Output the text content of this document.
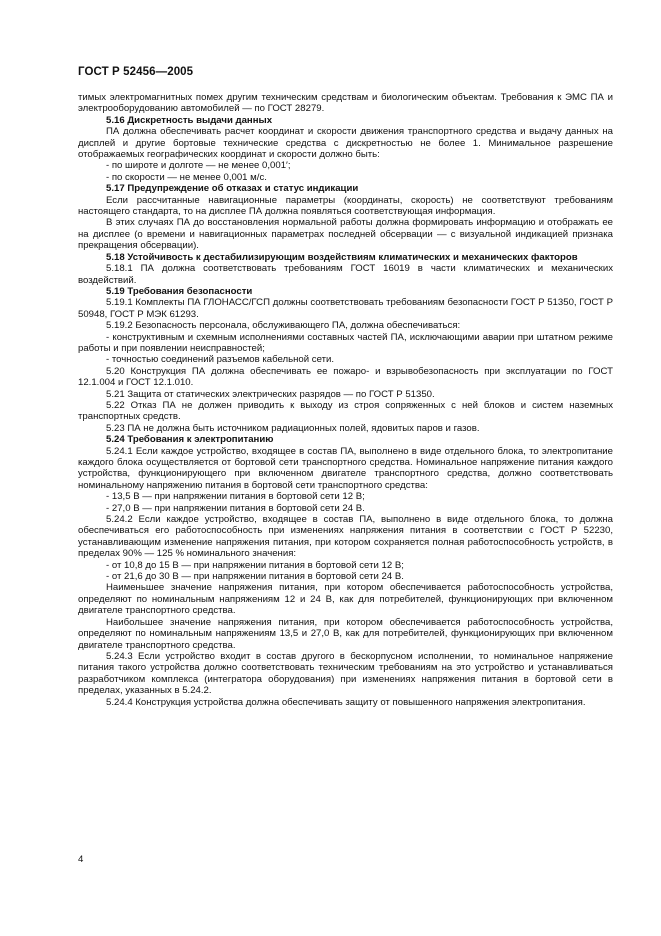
ГОСТ Р 52456—2005

тимых электромагнитных помех другим техническим средствам и биологическим объектам. Требования к ЭМС ПА и электрооборудованию автомобилей — по ГОСТ 28279.

5.16 Дискретность выдачи данных

ПА должна обеспечивать расчет координат и скорости движения транспортного средства и выдачу данных на дисплей и другие бортовые технические средства с дискретностью не более 1. Минимальное разрешение отображаемых географических координат и скорости должно быть:

- по широте и долготе — не менее 0,001′;

- по скорости — не менее 0,001 м/с.

5.17 Предупреждение об отказах и статус индикации

Если рассчитанные навигационные параметры (координаты, скорость) не соответствуют требованиям настоящего стандарта, то на дисплее ПА должна появляться соответствующая информация.

В этих случаях ПА до восстановления нормальной работы должна формировать информацию и отображать ее на дисплее (о времени и навигационных параметрах последней обсервации — с визуальной индикацией признака прекращения обсервации).

5.18 Устойчивость к дестабилизирующим воздействиям климатических и механических факторов

5.18.1 ПА должна соответствовать требованиям ГОСТ 16019 в части климатических и механических воздействий.

5.19 Требования безопасности

5.19.1 Комплекты ПА ГЛОНАСС/ГСП должны соответствовать требованиям безопасности ГОСТ Р 51350, ГОСТ Р 50948, ГОСТ Р МЭК 61293.

5.19.2 Безопасность персонала, обслуживающего ПА, должна обеспечиваться:

- конструктивным и схемным исполнениями составных частей ПА, исключающими аварии при штатном режиме работы и при появлении неисправностей;

- точностью соединений разъемов кабельной сети.

5.20 Конструкция ПА должна обеспечивать ее пожаро- и взрывобезопасность при эксплуатации по ГОСТ 12.1.004 и ГОСТ 12.1.010.

5.21 Защита от статических электрических разрядов — по ГОСТ Р 51350.

5.22 Отказ ПА не должен приводить к выходу из строя сопряженных с ней блоков и систем наземных транспортных средств.

5.23 ПА не должна быть источником радиационных полей, ядовитых паров и газов.

5.24 Требования к электропитанию

5.24.1 Если каждое устройство, входящее в состав ПА, выполнено в виде отдельного блока, то электропитание каждого блока осуществляется от бортовой сети транспортного средства. Номинальное напряжение питания каждого устройства, функционирующего при включенном двигателе транспортного средства, должно соответствовать номинальному напряжению питания в бортовой сети транспортного средства:

- 13,5 В — при напряжении питания в бортовой сети 12 В;

- 27,0 В — при напряжении питания в бортовой сети 24 В.

5.24.2 Если каждое устройство, входящее в состав ПА, выполнено в виде отдельного блока, то должна обеспечиваться его работоспособность при изменениях напряжения питания в соответствии с ГОСТ Р 52230, устанавливающим изменение напряжения питания, при котором сохраняется полная работоспособность устройств, в пределах 90% — 125 % номинального значения:

- от 10,8 до 15 В — при напряжении питания в бортовой сети 12 В;

- от 21,6 до 30 В — при напряжении питания в бортовой сети 24 В.

Наименьшее значение напряжения питания, при котором обеспечивается работоспособность устройства, определяют по номинальным напряжениям 12 и 24 В, как для потребителей, функционирующих при включенном двигателе транспортного средства.

Наибольшее значение напряжения питания, при котором обеспечивается работоспособность устройства, определяют по номинальным напряжениям 13,5 и 27,0 В, как для потребителей, функционирующих при включенном двигателе транспортного средства.

5.24.3 Если устройство входит в состав другого в бескорпусном исполнении, то номинальное напряжение питания такого устройства должно соответствовать техническим требованиям на это устройство и устанавливаться разработчиком комплекса (интегратора оборудования) при изменениях напряжения питания в бортовой сети в пределах, указанных в 5.24.2.

5.24.4 Конструкция устройства должна обеспечивать защиту от повышенного напряжения электропитания.

4
